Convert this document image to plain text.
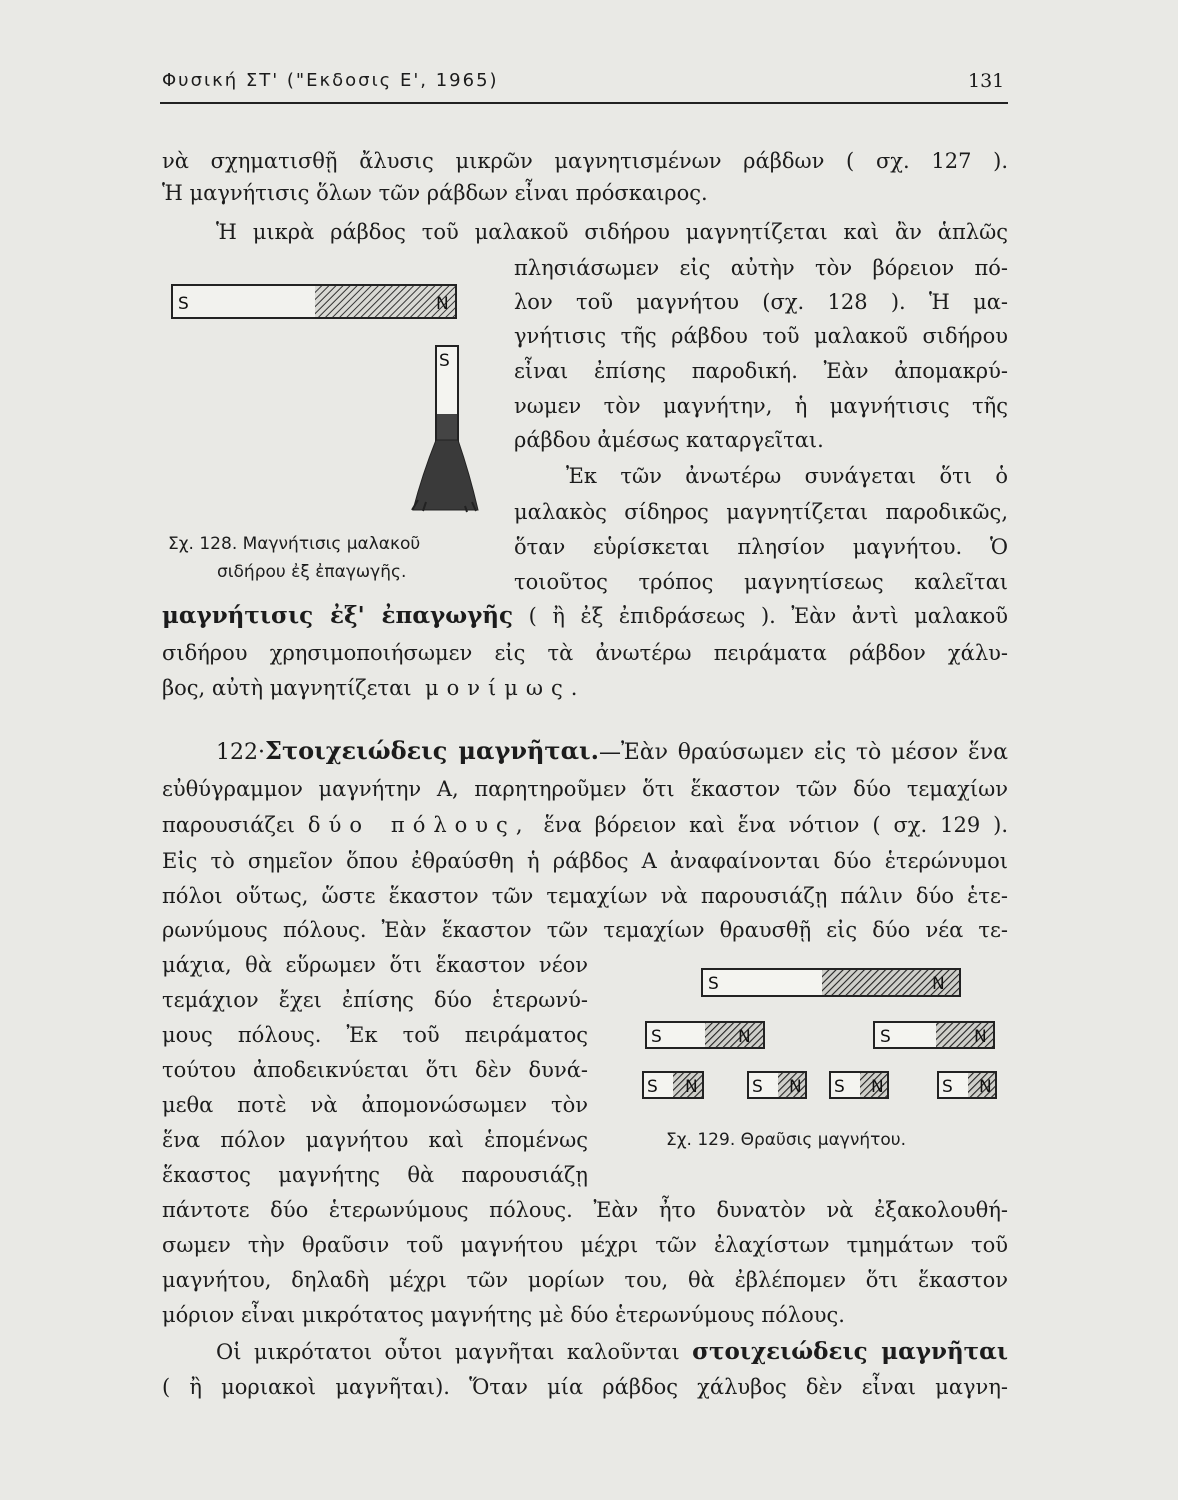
Φυσική ΣΤ' ("Εκδοσις Ε', 1965)	131
νὰ σχηματισθῇ ἄλυσις μικρῶν μαγνητισμένων ράβδων ( σχ. 127 ).
Ἡ μαγνήτισις ὅλων τῶν ράβδων εἶναι πρόσκαιρος.
Ἡ μικρὰ ράβδος τοῦ μαλακοῦ σιδήρου μαγνητίζεται καὶ ἂν ἁπλῶς
πλησιάσωμεν εἰς αὐτὴν τὸν βόρειον πό-
λον τοῦ μαγνήτου (σχ. 128 ). Ἡ μα-
γνήτισις τῆς ράβδου τοῦ μαλακοῦ σιδήρου
εἶναι ἐπίσης παροδική. Ἐὰν ἀπομακρύ-
νωμεν τὸν μαγνήτην, ἡ μαγνήτισις τῆς
ράβδου ἀμέσως καταργεῖται.
Ἐκ τῶν ἀνωτέρω συνάγεται ὅτι ὁ
μαλακὸς σίδηρος μαγνητίζεται παροδικῶς,
ὅταν εὑρίσκεται πλησίον μαγνήτου. Ὁ
τοιοῦτος τρόπος μαγνητίσεως καλεῖται
μαγνήτισις ἐξ' ἐπαγωγῆς ( ἢ ἐξ ἐπιδράσεως ). Ἐὰν ἀντὶ μαλακοῦ
σιδήρου χρησιμοποιήσωμεν εἰς τὰ ἀνωτέρω πειράματα ράβδον χάλυ-
βος, αὐτὴ μαγνητίζεται μονίμως.
122·Στοιχειώδεις μαγνῆται.—Ἐὰν θραύσωμεν εἰς τὸ μέσον ἕνα
εὐθύγραμμον μαγνήτην Α, παρητηροῦμεν ὅτι ἕκαστον τῶν δύο τεμαχίων
παρουσιάζει δύο πόλους, ἕνα βόρειον καὶ ἕνα νότιον ( σχ. 129 ).
Εἰς τὸ σημεῖον ὅπου ἐθραύσθη ἡ ράβδος Α ἀναφαίνονται δύο ἑτερώνυμοι
πόλοι οὕτως, ὥστε ἕκαστον τῶν τεμαχίων νὰ παρουσιάζῃ πάλιν δύο ἑτε-
ρωνύμους πόλους. Ἐὰν ἕκαστον τῶν τεμαχίων θραυσθῇ εἰς δύο νέα τε-
μάχια, θὰ εὕρωμεν ὅτι ἕκαστον νέον
τεμάχιον ἔχει ἐπίσης δύο ἑτερωνύ-
μους πόλους. Ἐκ τοῦ πειράματος
τούτου ἀποδεικνύεται ὅτι δὲν δυνά-
μεθα ποτὲ νὰ ἀπομονώσωμεν τὸν
ἕνα πόλον μαγνήτου καὶ ἑπομένως
ἕκαστος μαγνήτης θὰ παρουσιάζῃ
πάντοτε δύο ἑτερωνύμους πόλους. Ἐὰν ἦτο δυνατὸν νὰ ἐξακολουθή-
σωμεν τὴν θραῦσιν τοῦ μαγνήτου μέχρι τῶν ἐλαχίστων τμημάτων τοῦ
μαγνήτου, δηλαδὴ μέχρι τῶν μορίων του, θὰ ἐβλέπομεν ὅτι ἕκαστον
μόριον εἶναι μικρότατος μαγνήτης μὲ δύο ἑτερωνύμους πόλους.
Οἱ μικρότατοι οὗτοι μαγνῆται καλοῦνται στοιχειώδεις μαγνῆται
( ἢ μοριακοὶ μαγνῆται). Ὅταν μία ράβδος χάλυβος δὲν εἶναι μαγνη-
S	N
S
Σχ. 128. Μαγνήτισις μαλακοῦ
σιδήρου ἐξ ἐπαγωγῆς.
S	N
S	N	S	N
S N	S N S N	S N
Σχ. 129. Θραῦσις μαγνήτου.
